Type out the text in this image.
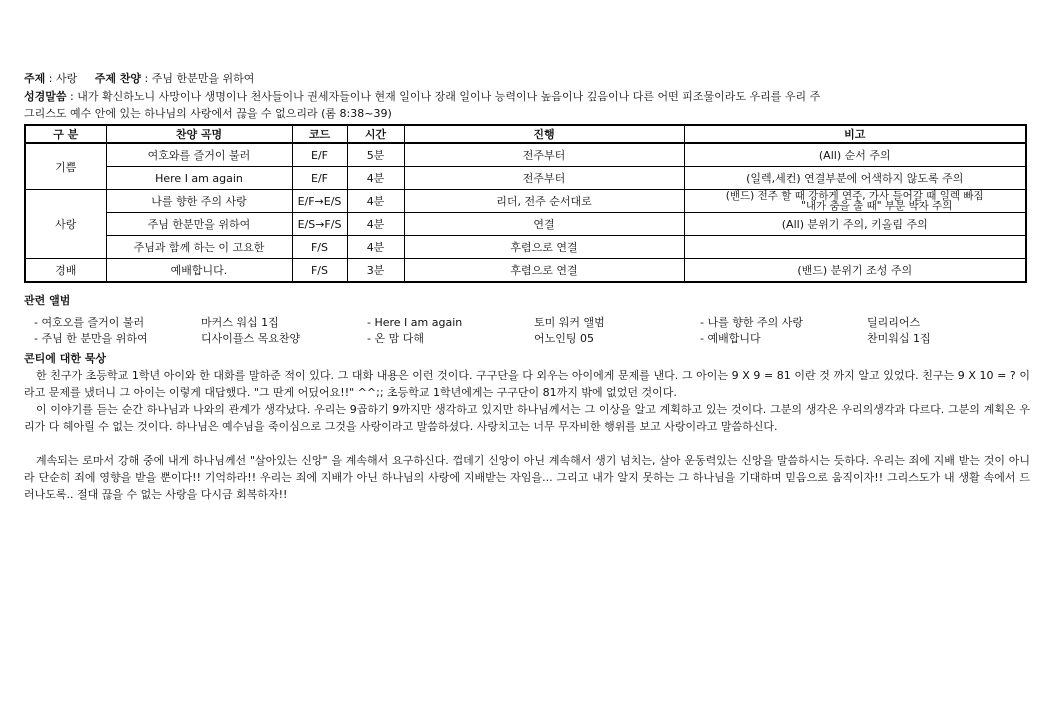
주제 : 사랑 주제 찬양 : 주님 한분만을 위하여
성경말씀 : 내가 확신하노니 사망이나 생명이나 천사들이나 권세자들이나 현재 일이나 장래 일이나 능력이나 높음이나 깊음이나 다른 어떤 피조물이라도 우리를 우리 주
그리스도 예수 안에 있는 하나님의 사랑에서 끊을 수 없으리라 (롬 8:38~39)
구 분	찬양 곡명	코드	시간	진행	비고
기쁨	여호와를 즐거이 불러	E/F	5분	전주부터	(All) 순서 주의
	Here I am again	E/F	4분	전주부터	(일렉,세컨) 연결부분에 어색하지 않도록 주의
사랑	나를 향한 주의 사랑	E/F→E/S	4분	리더, 전주 순서대로	(밴드) 전주 할 때 강하게 연주, 가사 들어갈 때 일렉 빠짐
"내가 춤을 출 때" 부분 박자 주의

	주님 한분만을 위하여	E/S→F/S	4분	연결	(All) 분위기 주의, 키올림 주의
	주님과 함께 하는 이 고요한	F/S	4분	후렴으로 연결	
경배	예배합니다.	F/S	3분	후렴으로 연결	(밴드) 분위기 조성 주의
관련 앨범
- 여호오를 즐거이 불러	마커스 워십 1집	- Here I am again	토미 워커 앨범	- 나를 향한 주의 사랑	딜리리어스
- 주님 한 분만을 위하여	디사이플스 목요찬양	- 온 맘 다해	어노인팅 05	- 예배합니다	찬미워십 1집
콘티에 대한 묵상

한 친구가 초등학교 1학년 아이와 한 대화를 말하준 적이 있다. 그 대화 내용은 이런 것이다. 구구단을 다 외우는 아이에게 문제를 낸다. 그 아이는 9 X 9 = 81 이란 것 까지 알고 있었다. 친구는 9 X 10 = ? 이라고 문제를 냈더니 그 아이는 이렇게 대답했다. "그 딴게 어딨어요!!" ^^;; 초등학교 1학년에게는 구구단이 81까지 밖에 없었던 것이다.

이 이야기를 듣는 순간 하나님과 나와의 관계가 생각났다. 우리는 9곱하기 9까지만 생각하고 있지만 하나님께서는 그 이상을 알고 계획하고 있는 것이다. 그분의 생각은 우리의생각과 다르다. 그분의 계획은 우리가 다 헤아릴 수 없는 것이다. 하나님은 예수님을 죽이심으로 그것을 사랑이라고 말씀하셨다. 사랑치고는 너무 무자비한 행위를 보고 사랑이라고 말씀하신다.

계속되는 로마서 강해 중에 내게 하나님께선 "살아있는 신앙" 을 계속해서 요구하신다. 껍데기 신앙이 아닌 계속해서 생기 넘치는, 살아 운동력있는 신앙을 말씀하시는 듯하다. 우리는 죄에 지배 받는 것이 아니라 단순히 죄에 영향을 받을 뿐이다!! 기억하라!! 우리는 죄에 지배가 아닌 하나님의 사랑에 지배받는 자임을... 그리고 내가 알지 못하는 그 하나님을 기대하며 믿음으로 움직이자!! 그리스도가 내 생활 속에서 드러나도록.. 절대 끊을 수 없는 사랑을 다시금 회복하자!!
